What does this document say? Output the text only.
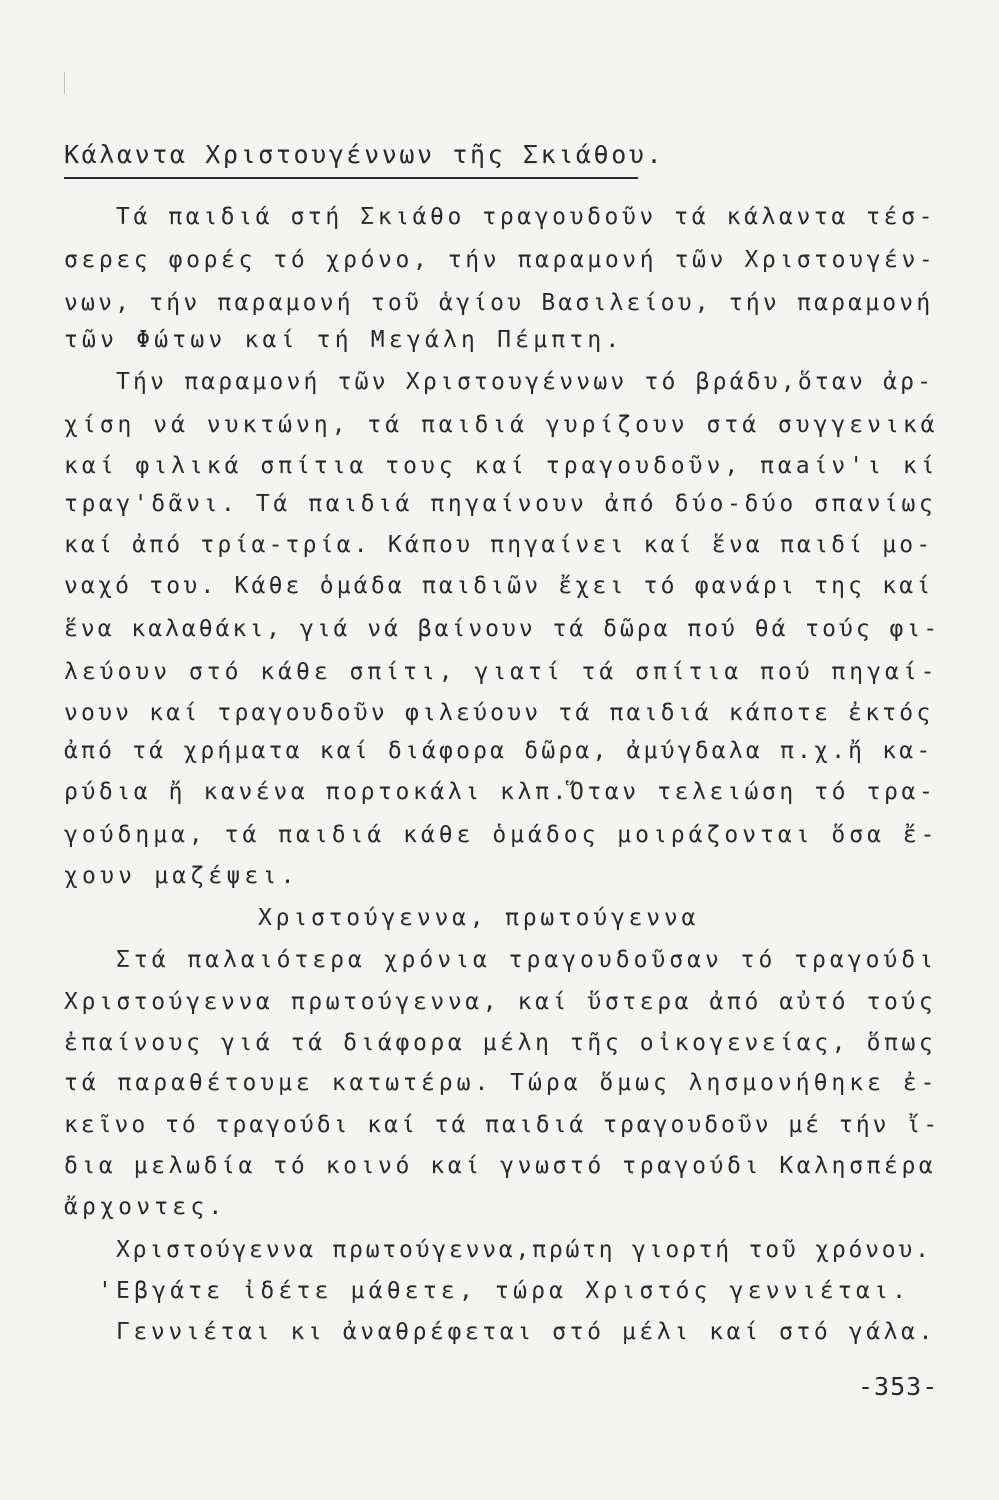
Κάλαντα Χριστουγέννων τῆς Σκιάθου.
Τά παιδιά στή Σκιάθο τραγουδοῦν τά κάλαντα τέσ-
σερες φορές τό χρόνο, τήν παραμονή τῶν Χριστουγέν-
νων, τήν παραμονή τοῦ ἁγίου Βασιλείου, τήν παραμονή
τῶν Φώτων καί τή Μεγάλη Πέμπτη.
Τήν παραμονή τῶν Χριστουγέννων τό βράδυ,ὅταν ἀρ-
χίση νά νυκτώνη, τά παιδιά γυρίζουν στά συγγενικά
καί φιλικά σπίτια τους καί τραγουδοῦν, παaίν'ι κί
τραγ'δᾶνι. Τά παιδιά πηγαίνουν ἀπό δύο-δύο σπανίως
καί ἀπό τρία-τρία. Κάπου πηγαίνει καί ἕνα παιδί μο-
ναχό του. Κάθε ὁμάδα παιδιῶν ἔχει τό φανάρι της καί
ἕνα καλαθάκι, γιά νά βαίνουν τά δῶρα πού θά τούς φι-
λεύουν στό κάθε σπίτι, γιατί τά σπίτια πού πηγαί-
νουν καί τραγουδοῦν φιλεύουν τά παιδιά κάποτε ἐκτός
ἀπό τά χρήματα καί διάφορα δῶρα, ἀμύγδαλα π.χ.ἤ κα-
ρύδια ἤ κανένα πορτοκάλι κλπ.Ὅταν τελειώση τό τρα-
γούδημα, τά παιδιά κάθε ὁμάδος μοιράζονται ὅσα ἔ-
χουν μαζέψει.
Χριστούγεννα, πρωτούγεννα
Στά παλαιότερα χρόνια τραγουδοῦσαν τό τραγούδι
Χριστούγεννα πρωτούγεννα, καί ὕστερα ἀπό αὐτό τούς
ἐπαίνους γιά τά διάφορα μέλη τῆς οἰκογενείας, ὅπως
τά παραθέτουμε κατωτέρω. Τώρα ὅμως λησμονήθηκε ἐ-
κεῖνο τό τραγούδι καί τά παιδιά τραγουδοῦν μέ τήν ἴ-
δια μελωδία τό κοινό καί γνωστό τραγούδι Καλησπέρα
ἄρχοντες.
Χριστούγεννα πρωτούγεννα,πρώτη γιορτή τοῦ χρόνου.
'Εβγάτε ἰδέτε μάθετε, τώρα Χριστός γεννιέται.
Γεννιέται κι ἀναθρέφεται στό μέλι καί στό γάλα.
-353-
